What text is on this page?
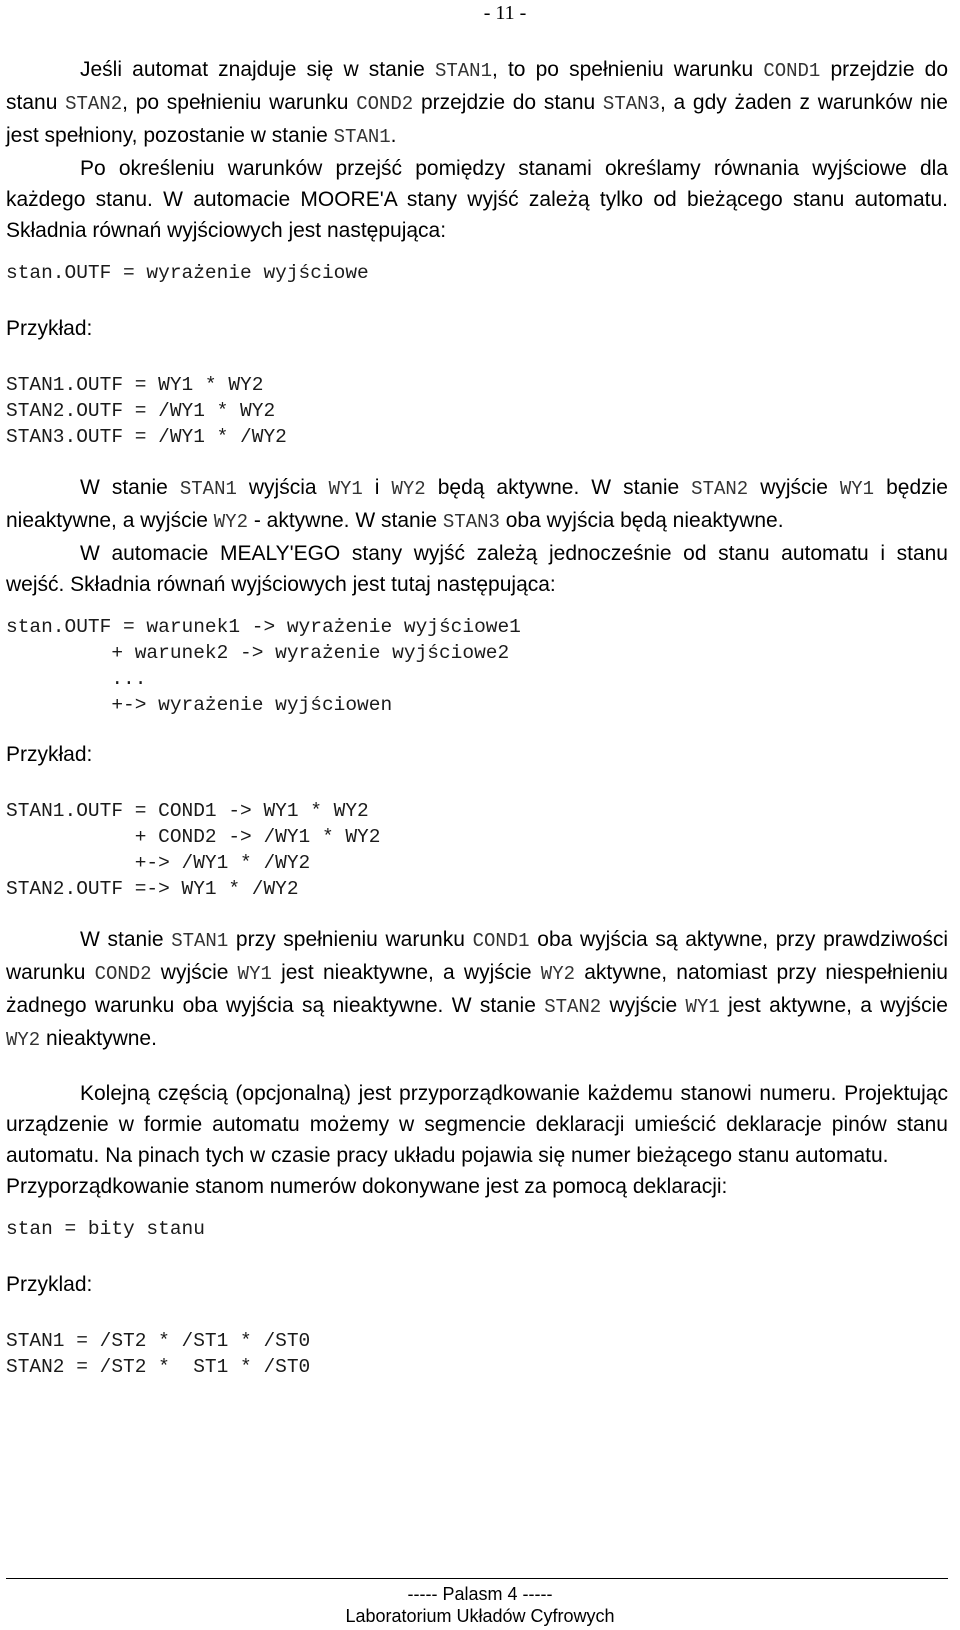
- 11 -

Jeśli automat znajduje się w stanie STAN1, to po spełnieniu warunku COND1 przejdzie do stanu STAN2, po spełnieniu warunku COND2 przejdzie do stanu STAN3, a gdy żaden z warunków nie jest spełniony, pozostanie w stanie STAN1.

Po określeniu warunków przejść pomiędzy stanami określamy równania wyjściowe dla każdego stanu. W automacie MOORE'A stany wyjść zależą tylko od bieżącego stanu automatu. Składnia równań wyjściowych jest następująca:

stan.OUTF = wyrażenie wyjściowe

Przykład:

STAN1.OUTF = WY1 * WY2
STAN2.OUTF = /WY1 * WY2
STAN3.OUTF = /WY1 * /WY2

W stanie STAN1 wyjścia WY1 i WY2 będą aktywne. W stanie STAN2 wyjście WY1 będzie nieaktywne, a wyjście WY2 - aktywne. W stanie STAN3 oba wyjścia będą nieaktywne.

W automacie MEALY'EGO stany wyjść zależą jednocześnie od stanu automatu i stanu wejść. Składnia równań wyjściowych jest tutaj następująca:

stan.OUTF = warunek1 -> wyrażenie wyjściowe1
+ warunek2 -> wyrażenie wyjściowe2
...
+-> wyrażenie wyjściowen

Przykład:

STAN1.OUTF = COND1 -> WY1 * WY2
+ COND2 -> /WY1 * WY2
+-> /WY1 * /WY2
STAN2.OUTF =-> WY1 * /WY2

W stanie STAN1 przy spełnieniu warunku COND1 oba wyjścia są aktywne, przy prawdziwości warunku COND2 wyjście WY1 jest nieaktywne, a wyjście WY2 aktywne, natomiast przy niespełnieniu żadnego warunku oba wyjścia są nieaktywne. W stanie STAN2 wyjście WY1 jest aktywne, a wyjście WY2 nieaktywne.

Kolejną częścią (opcjonalną) jest przyporządkowanie każdemu stanowi numeru. Projektując urządzenie w formie automatu możemy w segmencie deklaracji umieścić deklaracje pinów stanu automatu. Na pinach tych w czasie pracy układu pojawia się numer bieżącego stanu automatu.

Przyporządkowanie stanom numerów dokonywane jest za pomocą deklaracji:

stan = bity stanu

Przyklad:

STAN1 = /ST2 * /ST1 * /ST0
STAN2 = /ST2 *  ST1 * /ST0
----- Palasm 4 -----
Laboratorium Układów Cyfrowych
